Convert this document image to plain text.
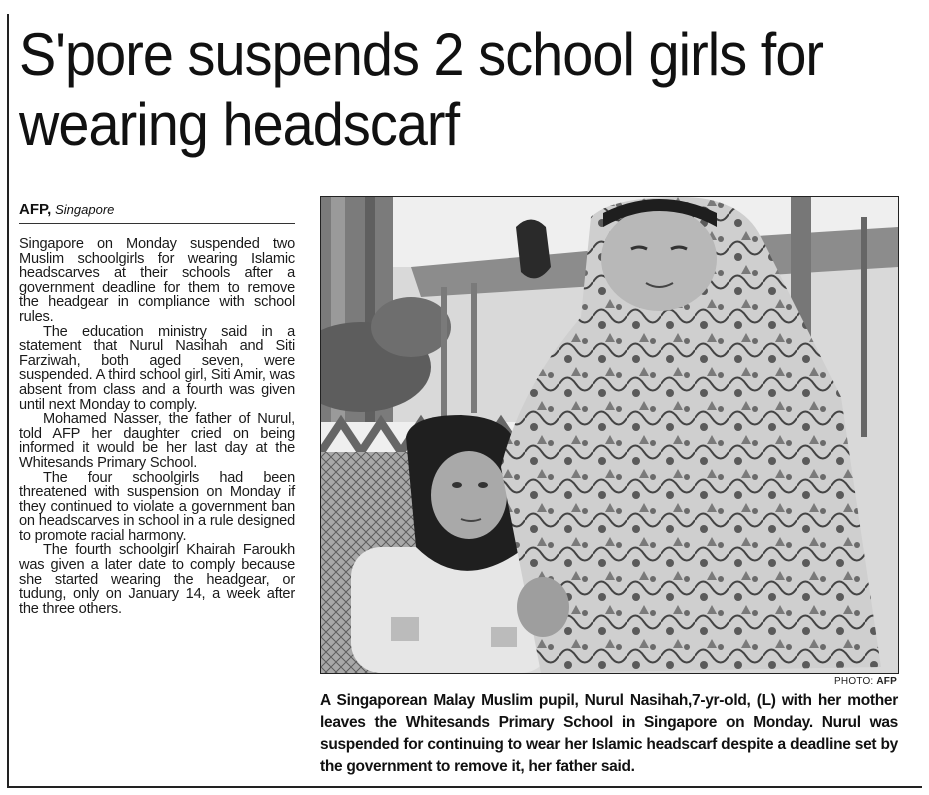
S'pore suspends 2 school girls for wearing headscarf
AFP, Singapore

Singapore on Monday suspended two Muslim schoolgirls for wearing Islamic headscarves at their schools after a government deadline for them to remove the headgear in compliance with school rules.

The education ministry said in a statement that Nurul Nasihah and Siti Farziwah, both aged seven, were suspended. A third school girl, Siti Amir, was absent from class and a fourth was given until next Monday to comply.

Mohamed Nasser, the father of Nurul, told AFP her daughter cried on being informed it would be her last day at the Whitesands Primary School.

The four schoolgirls had been threatened with suspension on Monday if they continued to violate a government ban on headscarves in school in a rule designed to promote racial harmony.

The fourth schoolgirl Khairah Faroukh was given a later date to comply because she started wearing the headgear, or tudung, only on January 14, a week after the three others.

PHOTO: AFP
A Singaporean Malay Muslim pupil, Nurul Nasihah,7-yr-old, (L) with her mother leaves the Whitesands Primary School in Singapore on Monday. Nurul was suspended for continuing to wear her Islamic headscarf despite a deadline set by the government to remove it, her father said.
